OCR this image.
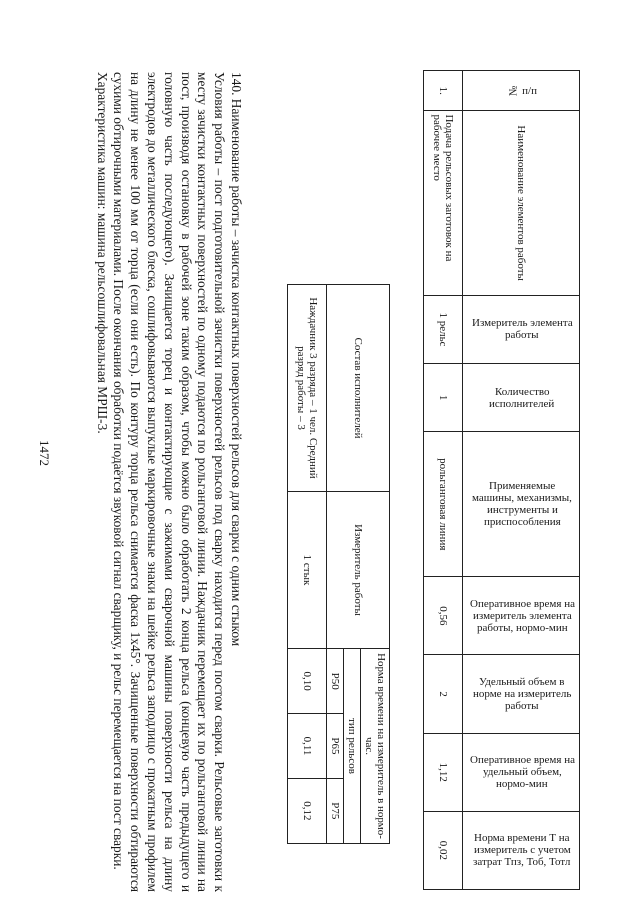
1472	140. Наименование работы – зачистка контактных поверхностей рельсов для сварки с одним стыком

Условия работы – пост подготовительной зачистки поверхностей рельсов под сварку находится перед постом сварки. Рельсовые заготовки к месту зачистки контактных поверхностей по одному подаются по рольганговой линии. Наждачник перемещает их по рольганговой линии на пост, производя остановку в рабочей зоне таким образом, чтобы можно было обработать 2 конца рельса (концевую часть предыдущего и головную часть последующего). Зачищается торец и контактирующие с зажимами сварочной машины поверхности рельса на длину электродов до металлического блеска, сошлифовываются выпуклые маркировочные знаки на шейке рельса заподлицо с прокатным профилем на длину не менее 100 мм от торца (если они есть). По контуру торца рельса снимается фаска 1х45°. Зачищенные поверхности обтираются сухими обтирочными материалами. После окончания обработки подаётся звуковой сигнал сварщику, и рельс перемещается на пост сварки.

Характеристика машин: машина рельсошлифовальная МРШ-3.	Состав исполнителей	Измеритель работы	Норма времени на измеритель в нормо-час.		
		тип рельсов		
		Р50	Р65	Р75
Наждачник 3 разряда – 1 чел. Средний разряд работы – 3	1 стык	0,10	0,11	0,12
№ п/п	Наименование элементов работы	Измеритель элемента работы	Количество исполнителей	Применяемые машины, механизмы, инструменты и приспособления	Оперативное время на измеритель элемента работы, нормо-мин	Удельный объем в норме на измеритель работы	Оперативное время на удельный объем, нормо-мин	Норма времени Т на измеритель с учетом затрат Тпз, Тоб, Тотл
1.	Подача рельсовых заготовок на рабочее место	1 рельс	1	рольганговая линия	0,56	2	1,12	0,02
